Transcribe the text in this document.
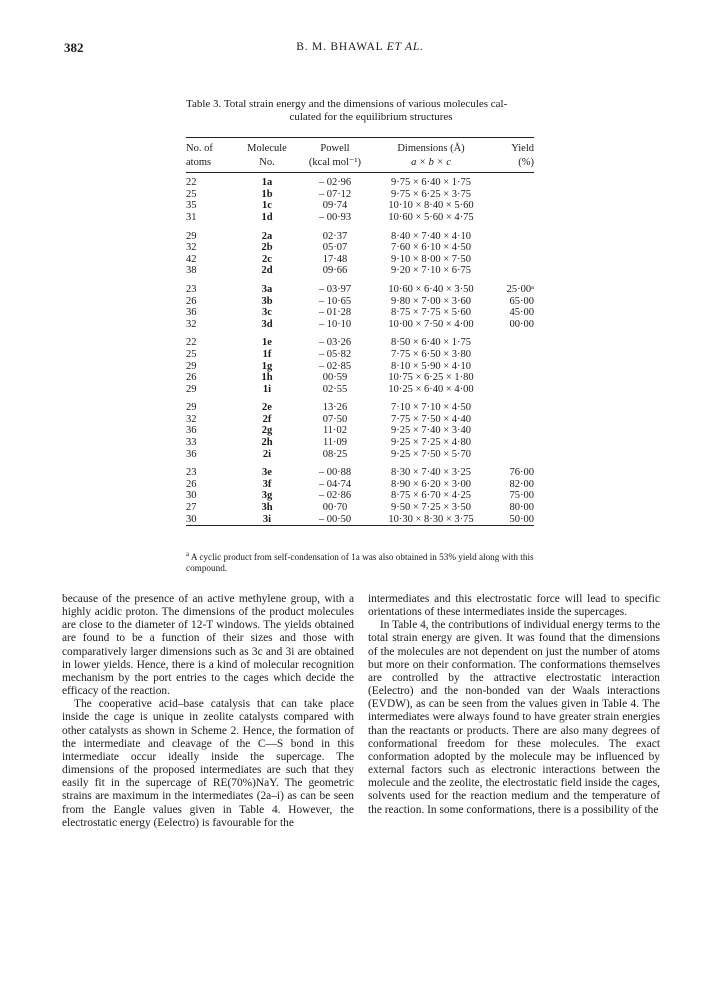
382	B. M. BHAWAL ET AL.
Table 3. Total strain energy and the dimensions of various molecules cal-
culated for the equilibrium structures

No. of	Molecule	Powell	Dimensions (Å)	Yield
atoms	No.	(kcal mol⁻¹)	a × b × c	(%)
22	1a	– 02·96	9·75 × 6·40 × 1·75	
25	1b	– 07·12	9·75 × 6·25 × 3·75	
35	1c	09·74	10·10 × 8·40 × 5·60	
31	1d	– 00·93	10·60 × 5·60 × 4·75	

29	2a	02·37	8·40 × 7·40 × 4·10	
32	2b	05·07	7·60 × 6·10 × 4·50	
42	2c	17·48	9·10 × 8·00 × 7·50	
38	2d	09·66	9·20 × 7·10 × 6·75	

23	3a	– 03·97	10·60 × 6·40 × 3·50	25·00ᵃ
26	3b	– 10·65	9·80 × 7·00 × 3·60	65·00
36	3c	– 01·28	8·75 × 7·75 × 5·60	45·00
32	3d	– 10·10	10·00 × 7·50 × 4·00	00·00

22	1e	– 03·26	8·50 × 6·40 × 1·75	
25	1f	– 05·82	7·75 × 6·50 × 3·80	
29	1g	– 02·85	8·10 × 5·90 × 4·10	
26	1h	00·59	10·75 × 6·25 × 1·80	
29	1i	02·55	10·25 × 6·40 × 4·00	

29	2e	13·26	7·10 × 7·10 × 4·50	
32	2f	07·50	7·75 × 7·50 × 4·40	
36	2g	11·02	9·25 × 7·40 × 3·40	
33	2h	11·09	9·25 × 7·25 × 4·80	
36	2i	08·25	9·25 × 7·50 × 5·70	

23	3e	– 00·88	8·30 × 7·40 × 3·25	76·00
26	3f	– 04·74	8·90 × 6·20 × 3·00	82·00
30	3g	– 02·86	8·75 × 6·70 × 4·25	75·00
27	3h	00·70	9·50 × 7·25 × 3·50	80·00
30	3i	– 00·50	10·30 × 8·30 × 3·75	50·00

$^a$ A cyclic product from self-condensation of 1a was also obtained in 53% yield along with this compound.

because of the presence of an active methylene group, with a highly acidic proton. The dimensions of the product molecules are close to the diameter of 12-T windows. The yields obtained are found to be a function of their sizes and those with comparatively larger dimensions such as 3c and 3i are obtained in lower yields. Hence, there is a kind of molecular recognition mechanism by the port entries to the cages which decide the efficacy of the reaction.

The cooperative acid–base catalysis that can take place inside the cage is unique in zeolite catalysts compared with other catalysts as shown in Scheme 2. Hence, the formation of the intermediate and cleavage of the C—S bond in this intermediate occur ideally inside the supercage. The dimensions of the proposed intermediates are such that they easily fit in the supercage of RE(70%)NaY. The geometric strains are maximum in the intermediates (2a–i) as can be seen from the Eangle values given in Table 4. However, the electrostatic energy (Eelectro) is favourable for the

intermediates and this electrostatic force will lead to specific orientations of these intermediates inside the supercages.

In Table 4, the contributions of individual energy terms to the total strain energy are given. It was found that the dimensions of the molecules are not dependent on just the number of atoms but more on their conformation. The conformations themselves are controlled by the attractive electrostatic interaction (Eelectro) and the non-bonded van der Waals interactions (EVDW), as can be seen from the values given in Table 4. The intermediates were always found to have greater strain energies than the reactants or products. There are also many degrees of conformational freedom for these molecules. The exact conformation adopted by the molecule may be influenced by external factors such as electronic interactions between the molecule and the zeolite, the electrostatic field inside the cages, solvents used for the reaction medium and the temperature of the reaction. In some conformations, there is a possibility of the
